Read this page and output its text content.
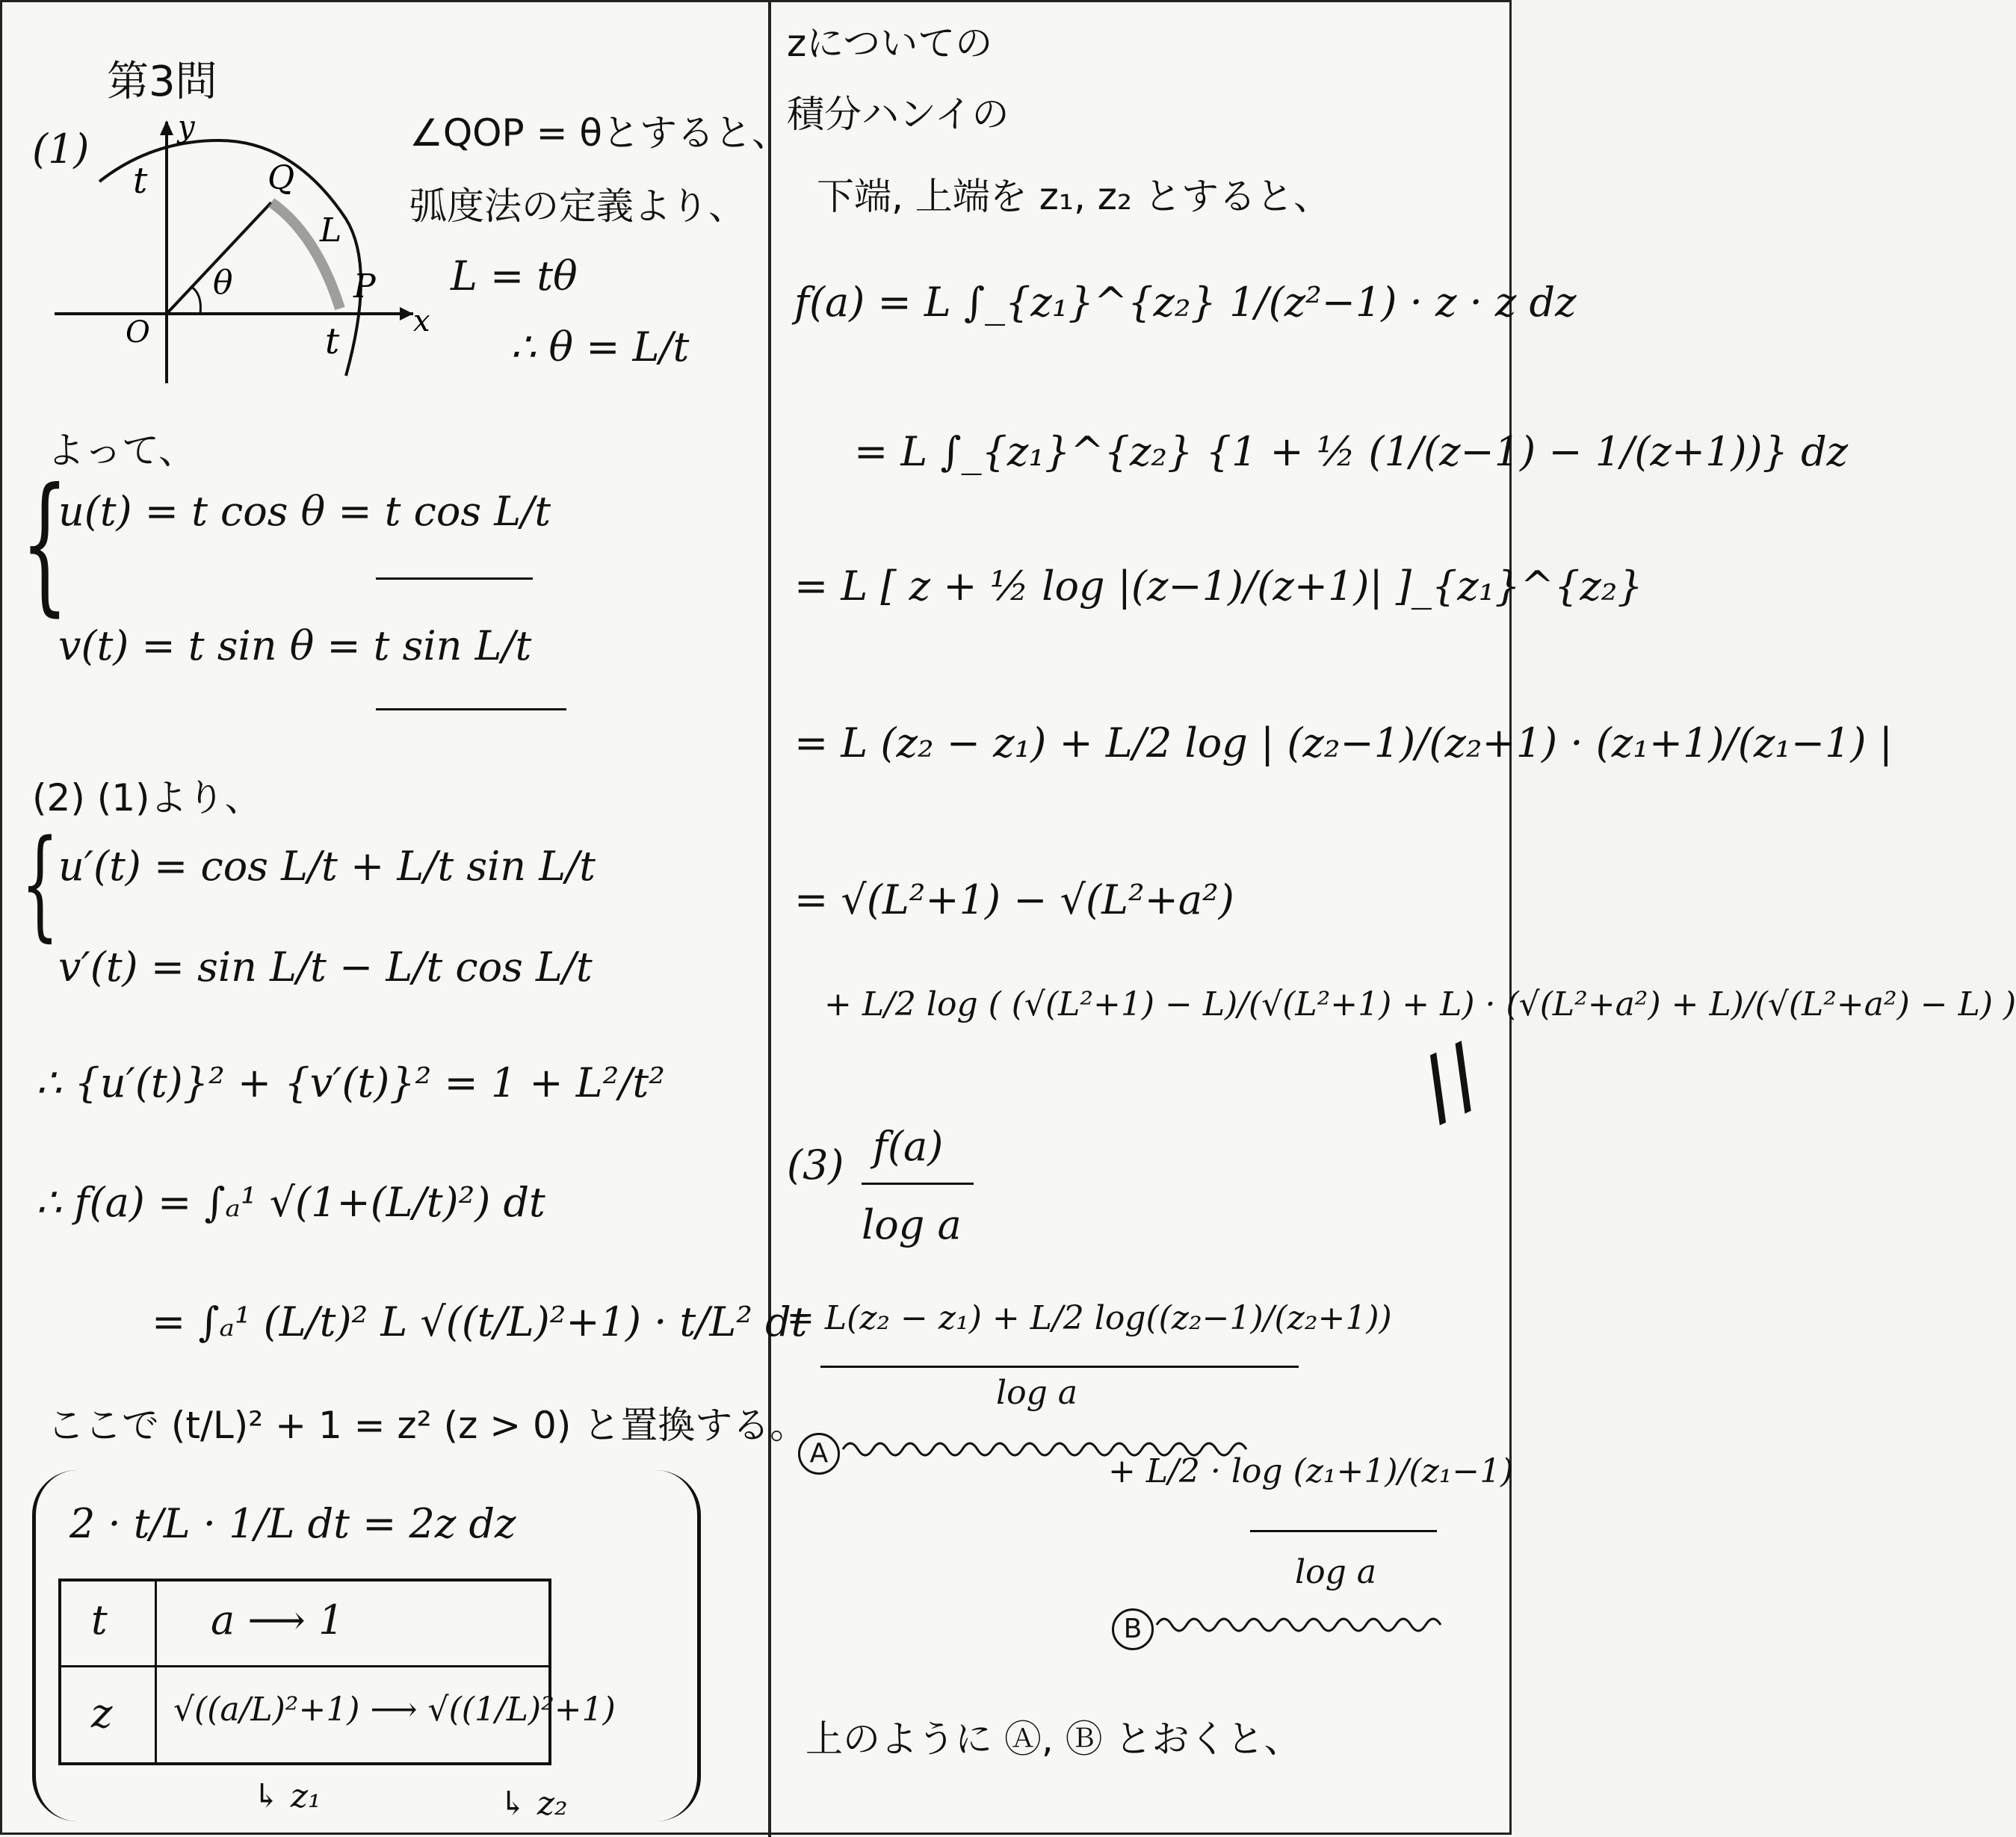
第3問
(1)
x
y
O
t
t
Q
P
L
θ
∠QOP = θとすると、
弧度法の定義より、
L = tθ
∴ θ = L/t
よって、
{
u(t) = t cos θ = t cos L/t
v(t) = t sin θ = t sin L/t
(2) (1)より、
{ u′(t) = cos L/t + L/t sin L/t
v′(t) = sin L/t − L/t cos L/t
∴ {u′(t)}² + {v′(t)}² = 1 + L²/t²
∴ f(a) = ∫ₐ¹ √(1+(L/t)²) dt
= ∫ₐ¹ (L/t)² L √((t/L)²+1) · t/L² dt
ここで (t/L)² + 1 = z² (z > 0) と置換する。
2 · t/L · 1/L dt = 2z dz
t	a ⟶ 1
z √((a/L)²+1) ⟶ √((1/L)²+1)
↳ z₁	↳ z₂
zについての
積分ハンイの
下端, 上端を z₁, z₂ とすると、
f(a) = L ∫_{z₁}^{z₂} 1/(z²−1) · z · z dz
= L ∫_{z₁}^{z₂} {1 + ½ (1/(z−1) − 1/(z+1))} dz
= L [ z + ½ log |(z−1)/(z+1)| ]_{z₁}^{z₂}
= L (z₂ − z₁) + L/2 log | (z₂−1)/(z₂+1) · (z₁+1)/(z₁−1) |
= √(L²+1) − √(L²+a²)
+ L/2 log ( (√(L²+1) − L)/(√(L²+1) + L) · (√(L²+a²) + L)/(√(L²+a²) − L) )
//
(3) f(a)
log a
= L(z₂ − z₁) + L/2 log((z₂−1)/(z₂+1))
log a
A	+ L/2 · log (z₁+1)/(z₁−1)
log a
B
上のように Ⓐ, Ⓑ とおくと、
